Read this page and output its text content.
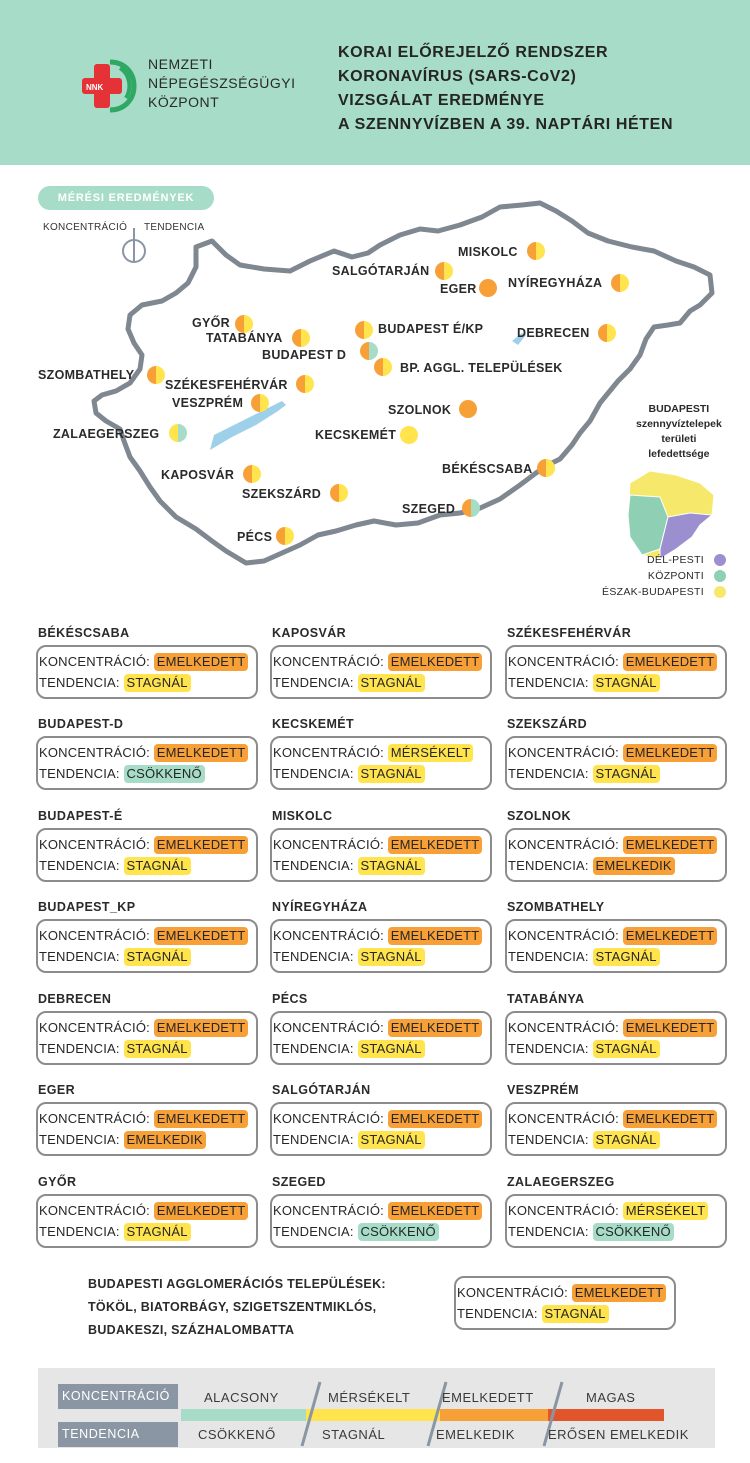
NNK
NEMZETI
NÉPEGÉSZSÉGÜGYI
KÖZPONT
KORAI ELŐREJELZŐ RENDSZER
KORONAVÍRUS (SARS-CoV2)
VIZSGÁLAT EREDMÉNYE
A SZENNYVÍZBEN A 39. NAPTÁRI HÉTEN
MÉRÉSI EREDMÉNYEK
KONCENTRÁCIÓ TENDENCIA
MISKOLC
SALGÓTARJÁN
EGER	NYÍREGYHÁZA
GYŐR
TATABÁNYA
BUDAPEST É/KP	DEBRECEN
BUDAPEST D
BP. AGGL. TELEPÜLÉSEK
SZOMBATHELY
SZÉKESFEHÉRVÁR
VESZPRÉM	SZOLNOK
ZALAEGERSZEG	KECSKEMÉT
BÉKÉSCSABA
KAPOSVÁR
SZEKSZÁRD
SZEGED
PÉCS
BUDAPESTI
szennyvíztelepek
területi
lefedettsége
DÉL-PESTI
KÖZPONTI
ÉSZAK-BUDAPESTI
BÉKÉSCSABA
KONCENTRÁCIÓ: EMELKEDETT
TENDENCIA: STAGNÁL
KAPOSVÁR
KONCENTRÁCIÓ: EMELKEDETT
TENDENCIA: STAGNÁL
SZÉKESFEHÉRVÁR
KONCENTRÁCIÓ: EMELKEDETT
TENDENCIA: STAGNÁL
BUDAPEST-D
KONCENTRÁCIÓ: EMELKEDETT
TENDENCIA: CSÖKKENŐ
KECSKEMÉT
KONCENTRÁCIÓ: MÉRSÉKELT
TENDENCIA: STAGNÁL
SZEKSZÁRD
KONCENTRÁCIÓ: EMELKEDETT
TENDENCIA: STAGNÁL
BUDAPEST-É
KONCENTRÁCIÓ: EMELKEDETT
TENDENCIA: STAGNÁL
MISKOLC
KONCENTRÁCIÓ: EMELKEDETT
TENDENCIA: STAGNÁL
SZOLNOK
KONCENTRÁCIÓ: EMELKEDETT
TENDENCIA: EMELKEDIK
BUDAPEST_KP
KONCENTRÁCIÓ: EMELKEDETT
TENDENCIA: STAGNÁL
NYÍREGYHÁZA
KONCENTRÁCIÓ: EMELKEDETT
TENDENCIA: STAGNÁL
SZOMBATHELY
KONCENTRÁCIÓ: EMELKEDETT
TENDENCIA: STAGNÁL
DEBRECEN
KONCENTRÁCIÓ: EMELKEDETT
TENDENCIA: STAGNÁL
PÉCS
KONCENTRÁCIÓ: EMELKEDETT
TENDENCIA: STAGNÁL
TATABÁNYA
KONCENTRÁCIÓ: EMELKEDETT
TENDENCIA: STAGNÁL
EGER
KONCENTRÁCIÓ: EMELKEDETT
TENDENCIA: EMELKEDIK
SALGÓTARJÁN
KONCENTRÁCIÓ: EMELKEDETT
TENDENCIA: STAGNÁL
VESZPRÉM
KONCENTRÁCIÓ: EMELKEDETT
TENDENCIA: STAGNÁL
GYŐR
KONCENTRÁCIÓ: EMELKEDETT
TENDENCIA: STAGNÁL
SZEGED
KONCENTRÁCIÓ: EMELKEDETT
TENDENCIA: CSÖKKENŐ
ZALAEGERSZEG
KONCENTRÁCIÓ: MÉRSÉKELT
TENDENCIA: CSÖKKENŐ
BUDAPESTI AGGLOMERÁCIÓS TELEPÜLÉSEK:
TÖKÖL, BIATORBÁGY, SZIGETSZENTMIKLÓS,
BUDAKESZI, SZÁZHALOMBATTA
KONCENTRÁCIÓ: EMELKEDETT
TENDENCIA: STAGNÁL
KONCENTRÁCIÓ
TENDENCIA
ALACSONY	MÉRSÉKELT EMELKEDETT	MAGAS
CSÖKKENŐ	STAGNÁL	EMELKEDIK	ERŐSEN EMELKEDIK
